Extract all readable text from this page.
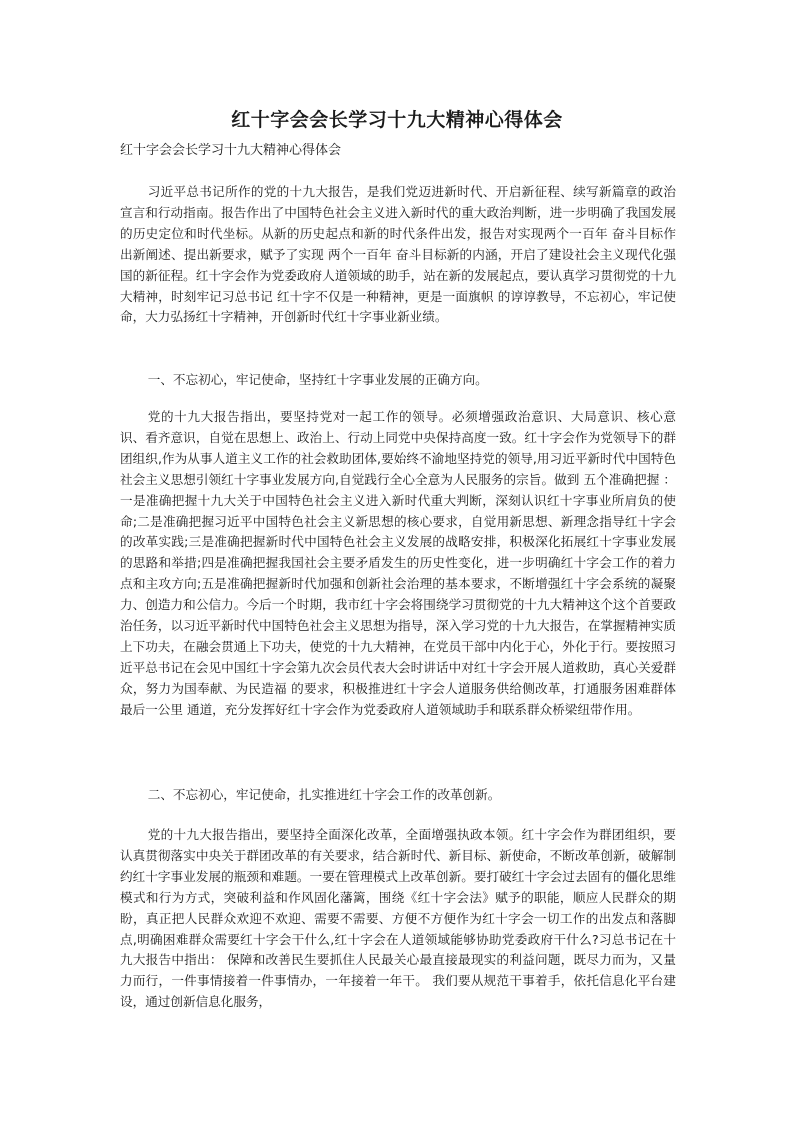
红十字会会长学习十九大精神心得体会

红十字会会长学习十九大精神心得体会

习近平总书记所作的党的十九大报告，是我们党迈进新时代、开启新征程、续写新篇章的政治宣言和行动指南。报告作出了中国特色社会主义进入新时代的重大政治判断，进一步明确了我国发展的历史定位和时代坐标。从新的历史起点和新的时代条件出发，报告对实现两个一百年 奋斗目标作出新阐述、提出新要求，赋予了实现 两个一百年 奋斗目标新的内涵，开启了建设社会主义现代化强国的新征程。红十字会作为党委政府人道领域的助手，站在新的发展起点，要认真学习贯彻党的十九大精神，时刻牢记习总书记 红十字不仅是一种精神，更是一面旗帜 的谆谆教导，不忘初心，牢记使命，大力弘扬红十字精神，开创新时代红十字事业新业绩。

一、不忘初心，牢记使命，坚持红十字事业发展的正确方向。

党的十九大报告指出，要坚持党对一起工作的领导。必须增强政治意识、大局意识、核心意识、看齐意识，自觉在思想上、政治上、行动上同党中央保持高度一致。红十字会作为党领导下的群团组织,作为从事人道主义工作的社会救助团体,要始终不渝地坚持党的领导,用习近平新时代中国特色社会主义思想引领红十字事业发展方向,自觉践行全心全意为人民服务的宗旨。做到 五个准确把握 ：一是准确把握十九大关于中国特色社会主义进入新时代重大判断，深刻认识红十字事业所肩负的使命;二是准确把握习近平中国特色社会主义新思想的核心要求，自觉用新思想、新理念指导红十字会的改革实践;三是准确把握新时代中国特色社会主义发展的战略安排，积极深化拓展红十字事业发展的思路和举措;四是准确把握我国社会主要矛盾发生的历史性变化，进一步明确红十字会工作的着力点和主攻方向;五是准确把握新时代加强和创新社会治理的基本要求，不断增强红十字会系统的凝聚力、创造力和公信力。今后一个时期，我市红十字会将围绕学习贯彻党的十九大精神这个这个首要政治任务，以习近平新时代中国特色社会主义思想为指导，深入学习党的十九大报告，在掌握精神实质上下功夫，在融会贯通上下功夫，使党的十九大精神，在党员干部中内化于心，外化于行。要按照习近平总书记在会见中国红十字会第九次会员代表大会时讲话中对红十字会开展人道救助，真心关爱群众，努力为国奉献、为民造福 的要求，积极推进红十字会人道服务供给侧改革，打通服务困难群体 最后一公里 通道，充分发挥好红十字会作为党委政府人道领域助手和联系群众桥梁纽带作用。

二、不忘初心，牢记使命，扎实推进红十字会工作的改革创新。

党的十九大报告指出，要坚持全面深化改革，全面增强执政本领。红十字会作为群团组织，要认真贯彻落实中央关于群团改革的有关要求，结合新时代、新目标、新使命，不断改革创新，破解制约红十字事业发展的瓶颈和难题。一要在管理模式上改革创新。要打破红十字会过去固有的僵化思维模式和行为方式，突破利益和作风固化藩篱，围绕《红十字会法》赋予的职能，顺应人民群众的期盼，真正把人民群众欢迎不欢迎、需要不需要、方便不方便作为红十字会一切工作的出发点和落脚点,明确困难群众需要红十字会干什么,红十字会在人道领域能够协助党委政府干什么?习总书记在十九大报告中指出： 保障和改善民生要抓住人民最关心最直接最现实的利益问题，既尽力而为，又量力而行，一件事情接着一件事情办，一年接着一年干。 我们要从规范干事着手，依托信息化平台建设，通过创新信息化服务，
